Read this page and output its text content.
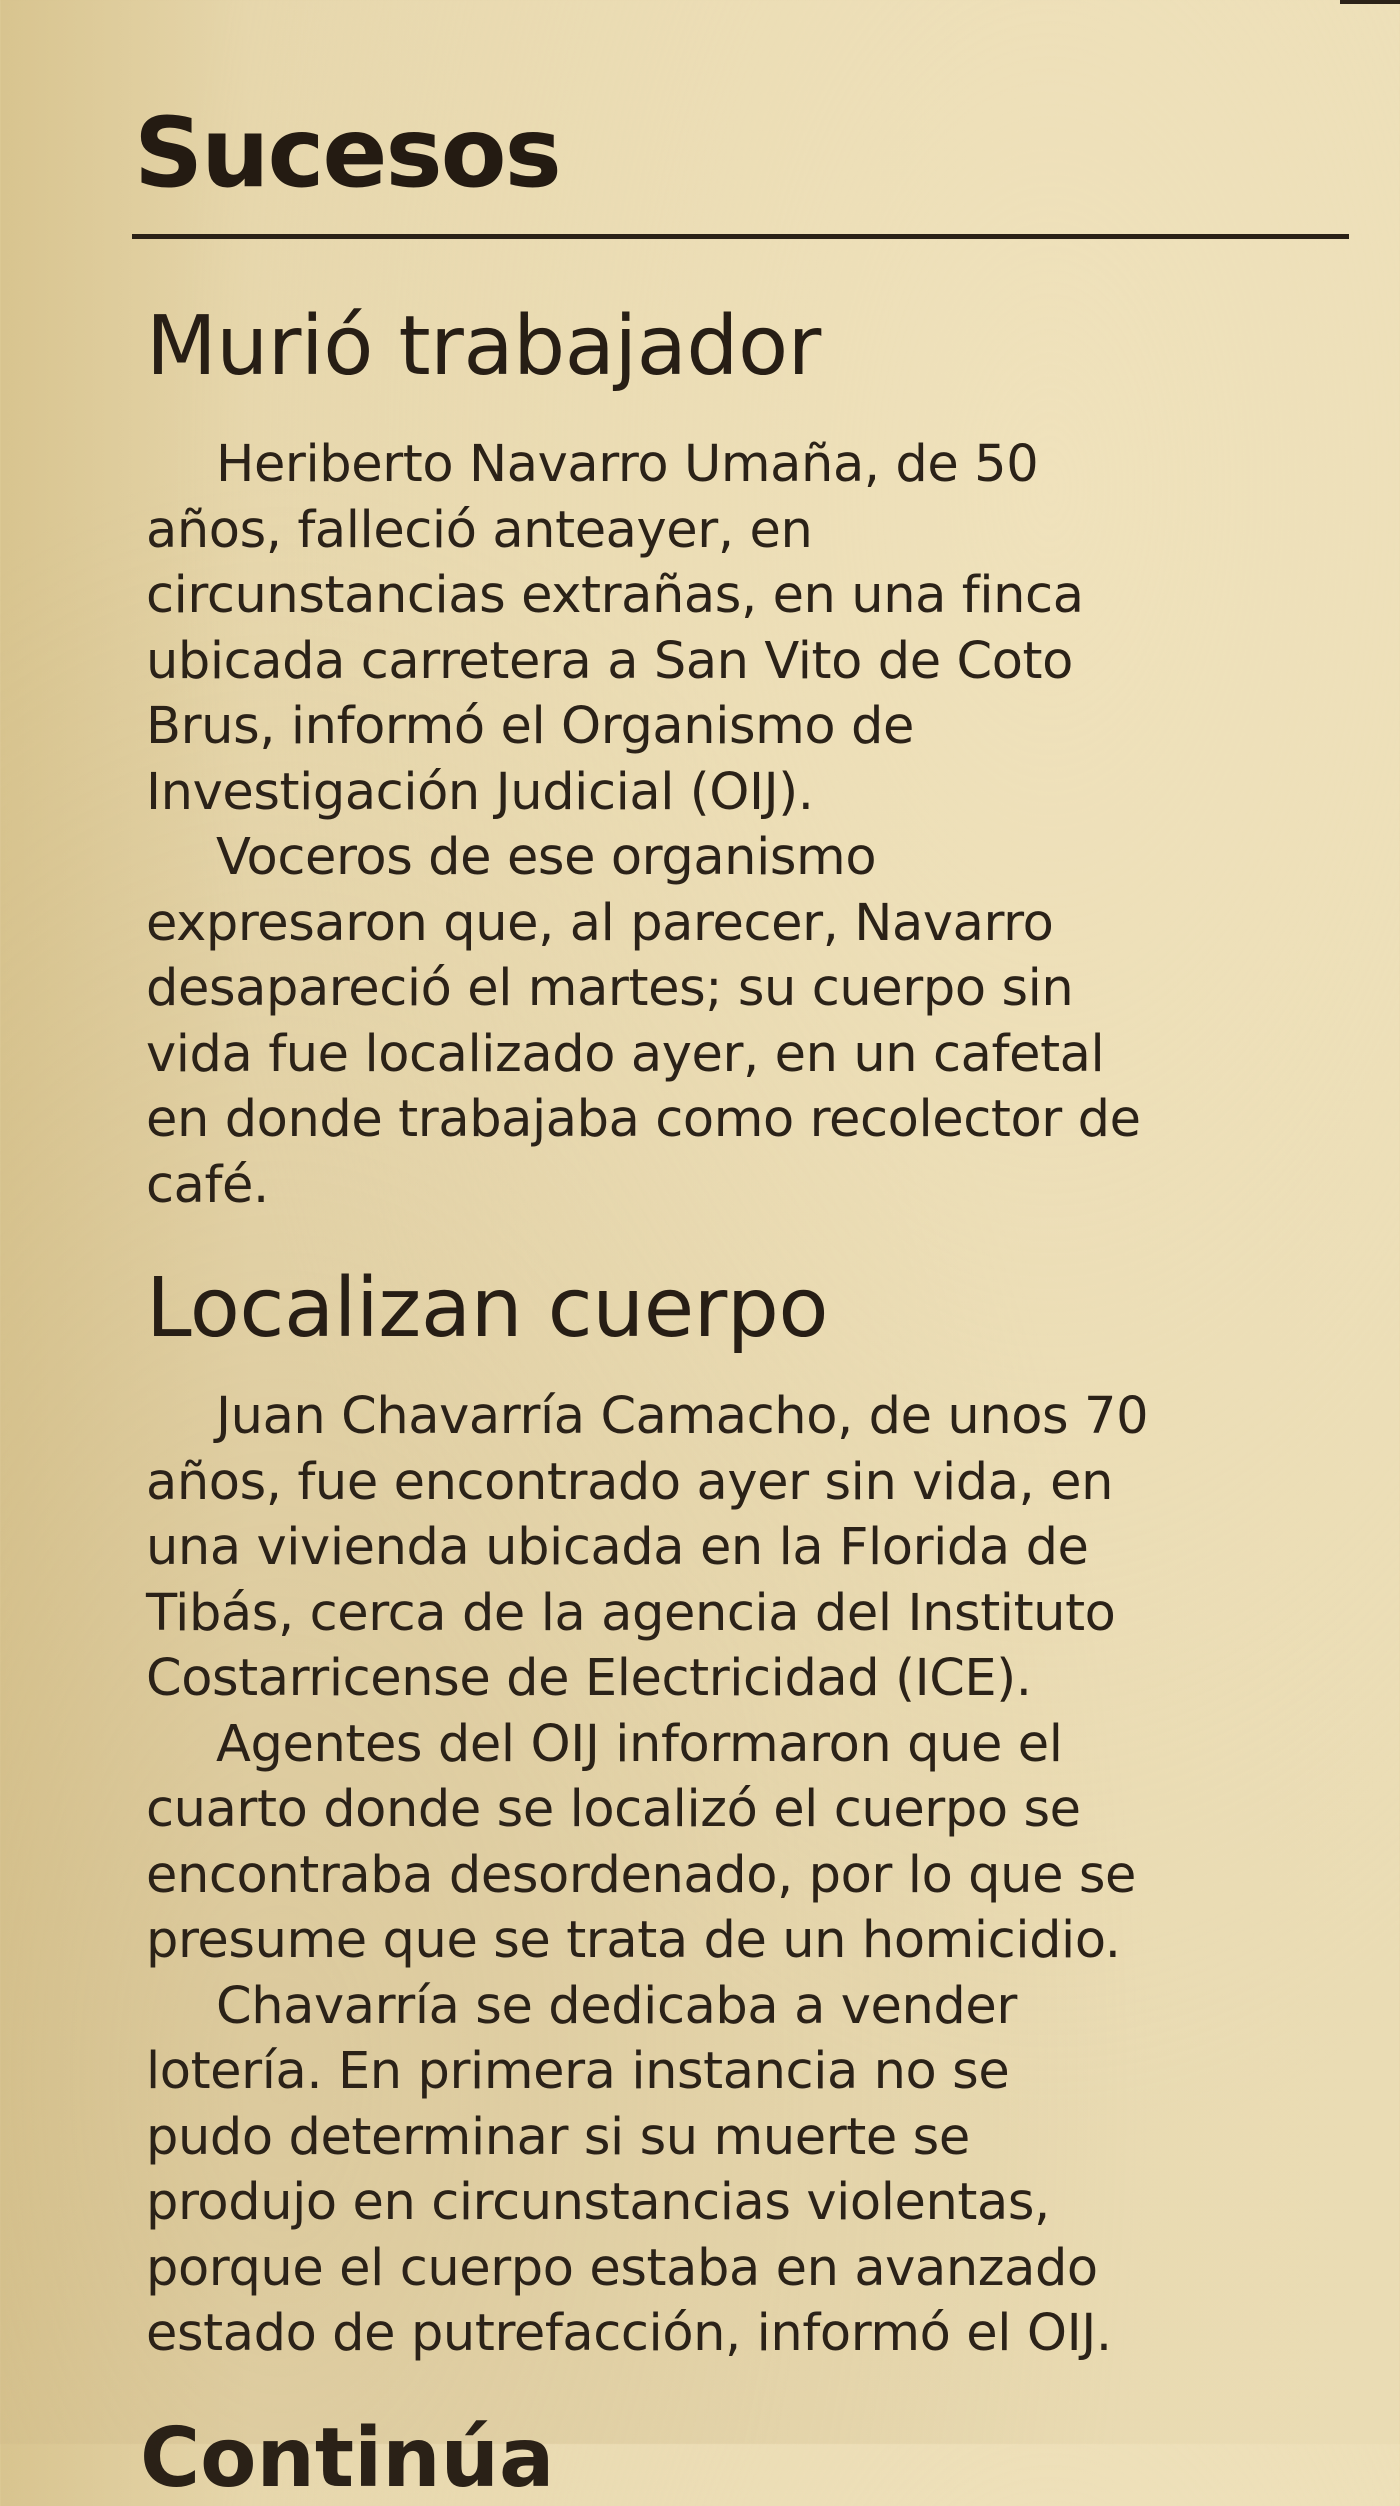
Sucesos
Murió trabajador

Heriberto Navarro Umaña, de 50
años, falleció anteayer, en
circunstancias extrañas, en una finca
ubicada carretera a San Vito de Coto
Brus, informó el Organismo de
Investigación Judicial (OIJ).

Voceros de ese organismo
expresaron que, al parecer, Navarro
desapareció el martes; su cuerpo sin
vida fue localizado ayer, en un cafetal
en donde trabajaba como recolector de
café.

Localizan cuerpo

Juan Chavarría Camacho, de unos 70
años, fue encontrado ayer sin vida, en
una vivienda ubicada en la Florida de
Tibás, cerca de la agencia del Instituto
Costarricense de Electricidad (ICE).

Agentes del OIJ informaron que el
cuarto donde se localizó el cuerpo se
encontraba desordenado, por lo que se
presume que se trata de un homicidio.

Chavarría se dedicaba a vender
lotería. En primera instancia no se
pudo determinar si su muerte se
produjo en circunstancias violentas,
porque el cuerpo estaba en avanzado
estado de putrefacción, informó el OIJ.

Continúa
